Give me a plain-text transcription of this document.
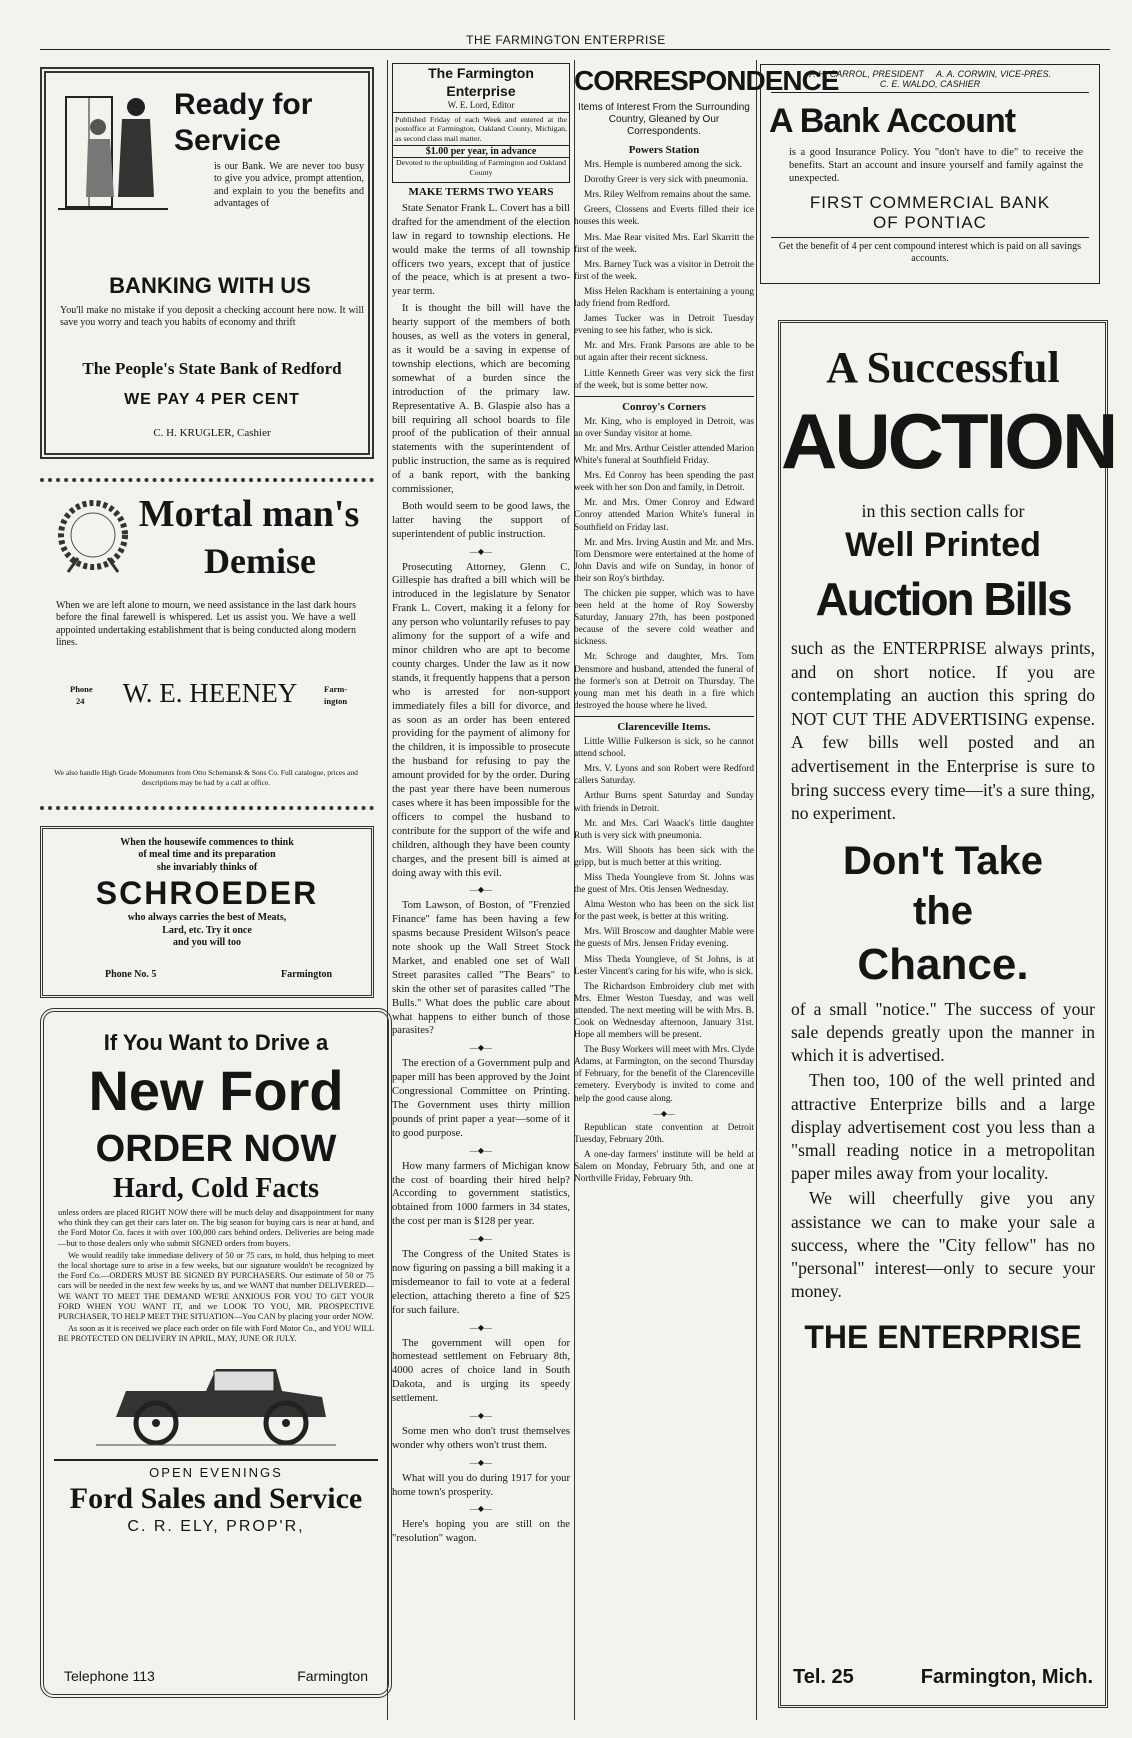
THE FARMINGTON ENTERPRISE
Ready for Service
is our Bank. We are never too busy to give you advice, prompt attention, and explain to you the benefits and advantages of
BANKING WITH US
You'll make no mistake if you deposit a checking account here now. It will save you worry and teach you habits of economy and thrift
The People's State Bank of Redford
WE PAY 4 PER CENT
C. H. KRUGLER, Cashier
Mortal man's
Demise
When we are left alone to mourn, we need assistance in the last dark hours before the final farewell is whispered. Let us assist you. We have a well appointed undertaking establishment that is being conducted along modern lines.
Phone
24	W. E. HEENEY	Farm-
ington
We also handle High Grade Monuments from Otto Schemansk & Sons Co. Full catalogue, prices and descriptions may be had by a call at office.
When the housewife commences to think
of meal time and its preparation
she invariably thinks of
SCHROEDER
who always carries the best of Meats,
Lard, etc. Try it once
and you will too
Phone No. 5	Farmington
If You Want to Drive a
New Ford
ORDER NOW
Hard, Cold Facts
unless orders are placed RIGHT NOW there will be much delay and disappointment for many who think they can get their cars later on. The big season for buying cars is near at hand, and the Ford Motor Co. faces it with over 100,000 cars behind orders. Deliveries are being made—but to those dealers only who submit SIGNED orders from buyers.
We would readily take immediate delivery of 50 or 75 cars, to hold, thus helping to meet the local shortage sure to arise in a few weeks, but our signature wouldn't be recognized by the Ford Co.—ORDERS MUST BE SIGNED BY PURCHASERS. Our estimate of 50 or 75 cars will be needed in the next few weeks by us, and we WANT that number DELIVERED—WE WANT TO MEET THE DEMAND WE'RE ANXIOUS FOR YOU TO GET YOUR FORD WHEN YOU WANT IT, and we LOOK TO YOU, MR. PROSPECTIVE PURCHASER, TO HELP MEET THE SITUATION—You CAN by placing your order NOW.
As soon as it is received we place each order on file with Ford Motor Co., and YOU WILL BE PROTECTED ON DELIVERY IN APRIL, MAY, JUNE OR JULY.
OPEN EVENINGS
Ford Sales and Service
C. R. ELY, PROP'R,
Telephone 113	Farmington
The Farmington Enterprise
W. E. Lord, Editor
Published Friday of each Week and entered at the postoffice at Farmington, Oakland County, Michigan, as second class mail matter.
$1.00 per year, in advance
Devoted to the upbuilding of Farmington and Oakland County
MAKE TERMS TWO YEARS

State Senator Frank L. Covert has a bill drafted for the amendment of the election law in regard to township elections. He would make the terms of all township officers two years, except that of justice of the peace, which is at present a two-year term.

It is thought the bill will have the hearty support of the members of both houses, as well as the voters in general, as it would be a saving in expense of township elections, which are becoming somewhat of a burden since the introduction of the primary law. Representative A. B. Glaspie also has a bill requiring all school boards to file proof of the publication of their annual statements with the superintendent of public instruction, the same as is required of a bank report, with the banking commissioner,

Both would seem to be good laws, the latter having the support of superintendent of public instruction.

—◆—

Prosecuting Attorney, Glenn C. Gillespie has drafted a bill which will be introduced in the legislature by Senator Frank L. Covert, making it a felony for any person who voluntarily refuses to pay alimony for the support of a wife and minor children who are apt to become county charges. Under the law as it now stands, it frequently happens that a person who is arrested for non-support immediately files a bill for divorce, and as soon as an order has been entered providing for the payment of alimony for the children, it is impossible to prosecute the husband for refusing to pay the amount provided for by the order. During the past year there have been numerous cases where it has been impossible for the officers to compel the husband to contribute for the support of the wife and children, although they have been county charges, and the present bill is aimed at doing away with this evil.

—◆—

Tom Lawson, of Boston, of "Frenzied Finance" fame has been having a few spasms because President Wilson's peace note shook up the Wall Street Stock Market, and enabled one set of Wall Street parasites called "The Bears" to skin the other set of parasites called "The Bulls." What does the public care about what happens to either bunch of those parasites?

—◆—

The erection of a Government pulp and paper mill has been approved by the Joint Congressional Committee on Printing. The Government uses thirty million pounds of print paper a year—some of it to good purpose.

—◆—

How many farmers of Michigan know the cost of boarding their hired help? According to government statistics, obtained from 1000 farmers in 34 states, the cost per man is $128 per year.

—◆—

The Congress of the United States is now figuring on passing a bill making it a misdemeanor to fail to vote at a federal election, attaching thereto a fine of $25 for such failure.

—◆—

The government will open for homestead settlement on February 8th, 4000 acres of choice land in South Dakota, and is urging its speedy settlement.

—◆—

Some men who don't trust themselves wonder why others won't trust them.

—◆—

What will you do during 1917 for your home town's prosperity.

—◆—

Here's hoping you are still on the "resolution" wagon.

CORRESPONDENCE
Items of Interest From the Surrounding Country, Gleaned by Our Correspondents.
Powers Station

Mrs. Hemple is numbered among the sick.

Dorothy Greer is very sick with pneumonia.

Mrs. Riley Welfrom remains about the same.

Greers, Clossens and Everts filled their ice houses this week.

Mrs. Mae Rear visited Mrs. Earl Skarritt the first of the week.

Mrs. Barney Tuck was a visitor in Detroit the first of the week.

Miss Helen Rackham is entertaining a young lady friend from Redford.

James Tucker was in Detroit Tuesday evening to see his father, who is sick.

Mr. and Mrs. Frank Parsons are able to be out again after their recent sickness.

Little Kenneth Greer was very sick the first of the week, but is some better now.

Conroy's Corners

Mr. King, who is employed in Detroit, was an over Sunday visitor at home.

Mr. and Mrs. Arthur Ceistler attended Marion White's funeral at Southfield Friday.

Mrs. Ed Conroy has been spending the past week with her son Don and family, in Detroit.

Mr. and Mrs. Omer Conroy and Edward Conroy attended Marion White's funeral in Southfield on Friday last.

Mr. and Mrs. Irving Austin and Mr. and Mrs. Tom Densmore were entertained at the home of John Davis and wife on Sunday, in honor of their son Roy's birthday.

The chicken pie supper, which was to have been held at the home of Roy Sowersby Saturday, January 27th, has been postponed because of the severe cold weather and sickness.

Mr. Schroge and daughter, Mrs. Tom Densmore and husband, attended the funeral of the former's son at Detroit on Thursday. The young man met his death in a fire which destroyed the house where he lived.

Clarenceville Items.

Little Willie Fulkerson is sick, so he cannot attend school.

Mrs. V. Lyons and son Robert were Redford callers Saturday.

Arthur Burns spent Saturday and Sunday with friends in Detroit.

Mr. and Mrs. Carl Waack's little daughter Ruth is very sick with pneumonia.

Mrs. Will Shoots has been sick with the gripp, but is much better at this writing.

Miss Theda Youngleve from St. Johns was the guest of Mrs. Otis Jensen Wednesday.

Alma Weston who has been on the sick list for the past week, is better at this writing.

Mrs. Will Broscow and daughter Mable were the guests of Mrs. Jensen Friday evening.

Miss Theda Youngleve, of St Johns, is at Lester Vincent's caring for his wife, who is sick.

The Richardson Embroidery club met with Mrs. Elmer Weston Tuesday, and was well attended. The next meeting will be with Mrs. B. Cook on Wednesday afternoon, January 31st. Hope all members will be present.

The Busy Workers will meet with Mrs. Clyde Adams, at Farmington, on the second Thursday of February, for the benefit of the Clarenceville cemetery. Everybody is invited to come and help the good cause along.

—◆—

Republican state convention at Detroit Tuesday, February 20th.

A one-day farmers' institute will be held at Salem on Monday, February 5th, and one at Northville Friday, February 9th.

F. H. CARROL, PRESIDENT     A. A. CORWIN, VICE-PRES.
C. E. WALDO, CASHIER
A Bank Account
is a good Insurance Policy. You "don't have to die" to receive the benefits. Start an account and insure yourself and family against the unexpected.
FIRST COMMERCIAL BANK
OF PONTIAC
Get the benefit of 4 per cent compound interest which is paid on all savings accounts.
A Successful
AUCTION
in this section calls for
Well Printed
Auction Bills
such as the ENTERPRISE always prints, and on short notice. If you are contemplating an auction this spring do NOT CUT THE ADVERTISING expense. A few bills well posted and an advertisement in the Enterprise is sure to bring success every time—it's a sure thing, no experiment.
Don't Take
the
Chance.
of a small "notice." The success of your sale depends greatly upon the manner in which it is advertised.
Then too, 100 of the well printed and attractive Enterprize bills and a large display advertisement cost you less than a "small reading notice in a metropolitan paper miles away from your locality.
We will cheerfully give you any assistance we can to make your sale a success, where the "City fellow" has no "personal" interest—only to secure your money.
THE ENTERPRISE
Tel. 25	Farmington, Mich.
